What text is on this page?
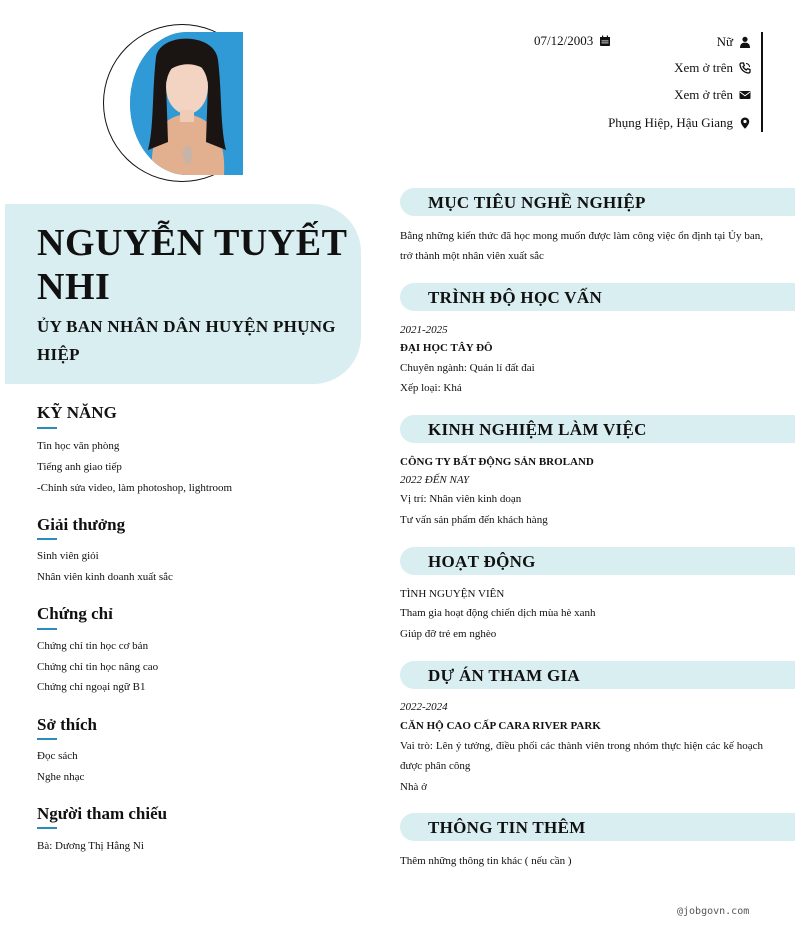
07/12/2003	Nữ
Xem ở trên
Xem ở trên
Phụng Hiệp, Hậu Giang
NGUYỄN TUYẾT NHI
ỦY BAN NHÂN DÂN HUYỆN PHỤNG HIỆP
KỸ NĂNG
Tin học văn phòng
Tiếng anh giao tiếp
-Chỉnh sửa video, làm photoshop, lightroom
Giải thưởng
Sinh viên giỏi
Nhân viên kinh doanh xuất sắc
Chứng chỉ
Chứng chỉ tin học cơ bản
Chứng chỉ tin học nâng cao
Chứng chỉ ngoại ngữ B1
Sở thích
Đọc sách
Nghe nhạc
Người tham chiếu
Bà: Dương Thị Hằng Ni
MỤC TIÊU NGHỀ NGHIỆP
Bằng những kiến thức đã học mong muốn được làm công việc ổn định tại Ủy ban, trở thành một nhân viên xuất sắc
TRÌNH ĐỘ HỌC VẤN
2021-2025
ĐẠI HỌC TÂY ĐÔ
Chuyên ngành: Quản lí đất đai
Xếp loại: Khá
KINH NGHIỆM LÀM VIỆC
CÔNG TY BẤT ĐỘNG SẢN BROLAND
2022 ĐẾN NAY
Vị trí: Nhân viên kinh doạn
Tư vấn sản phẩm đến khách hàng
HOẠT ĐỘNG
TÌNH NGUYỆN VIÊN
Tham gia hoạt động chiến dịch mùa hè xanh
Giúp đỡ trẻ em nghèo
DỰ ÁN THAM GIA
2022-2024
CĂN HỘ CAO CẤP CARA RIVER PARK
Vai trò: Lên ý tưởng, điều phối các thành viên trong nhóm thực hiện các kế hoạch được phân công
Nhà ở
THÔNG TIN THÊM
Thêm những thông tin khác ( nếu cần )
@jobgovn.com
